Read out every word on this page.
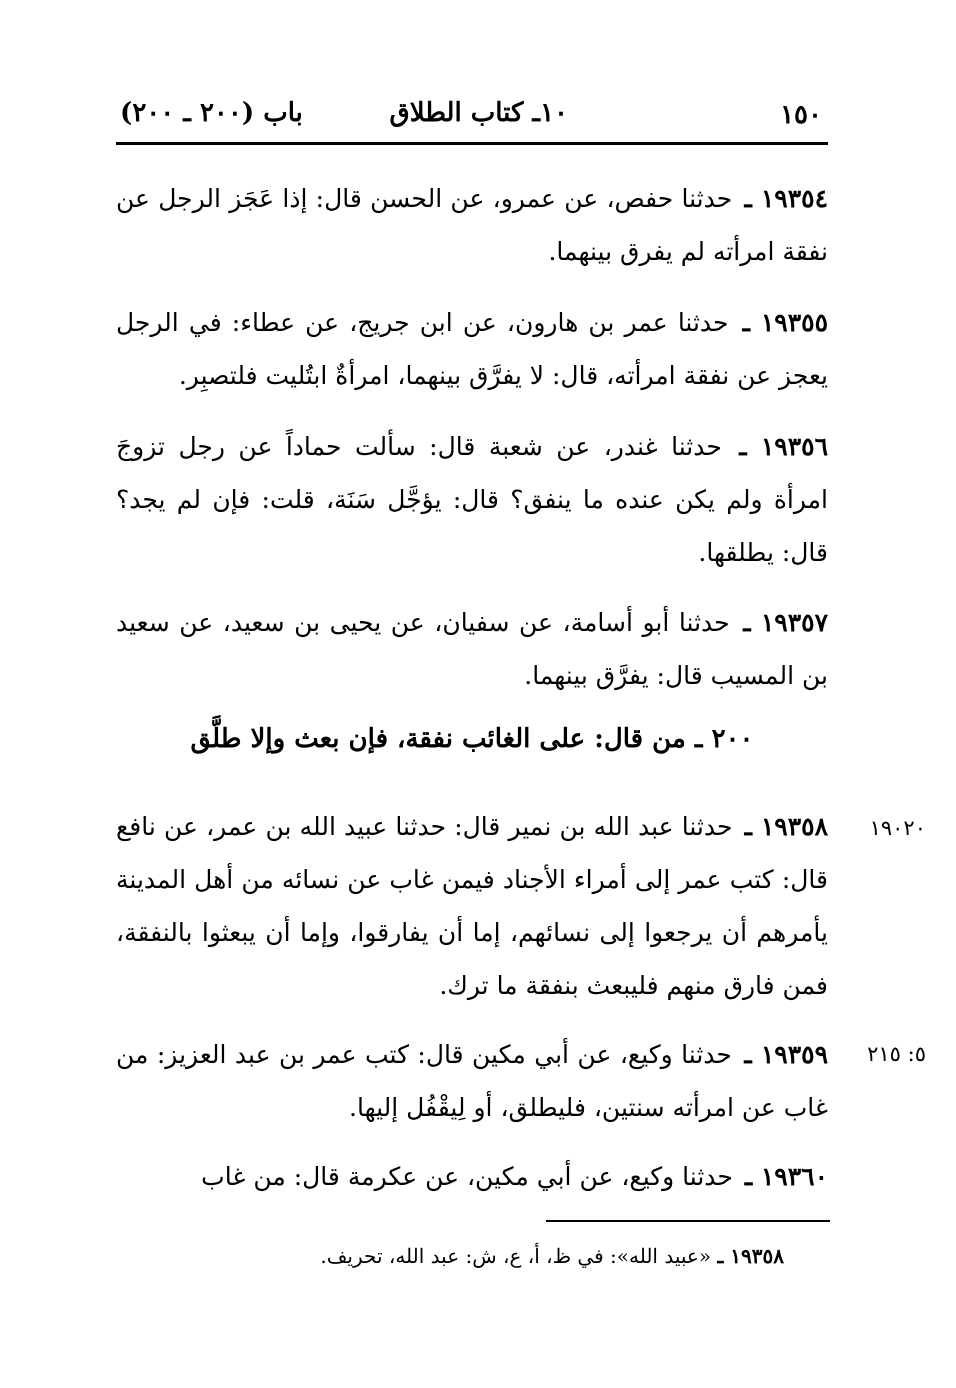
١٥٠
١٠ـ كتاب الطلاق
باب (٢٠٠ ـ ٢٠٠)
١٩٣٥٤ ـ حدثنا حفص، عن عمرو، عن الحسن قال: إذا عَجَز الرجل عن نفقة امرأته لم يفرق بينهما.
١٩٣٥٥ ـ حدثنا عمر بن هارون، عن ابن جريج، عن عطاء: في الرجل يعجز عن نفقة امرأته، قال: لا يفرَّق بينهما، امرأةٌ ابتُليت فلتصبِر.
١٩٣٥٦ ـ حدثنا غندر، عن شعبة قال: سألت حماداً عن رجل تزوجَ امرأة ولم يكن عنده ما ينفق؟ قال: يؤجَّل سَنَة، قلت: فإن لم يجد؟ قال: يطلقها.
١٩٣٥٧ ـ حدثنا أبو أسامة، عن سفيان، عن يحيى بن سعيد، عن سعيد بن المسيب قال: يفرَّق بينهما.
٢٠٠ ـ من قال: على الغائب نفقة، فإن بعث وإلا طلَّق
١٩٣٥٨ ـ حدثنا عبد الله بن نمير قال: حدثنا عبيد الله بن عمر، عن نافع قال: كتب عمر إلى أمراء الأجناد فيمن غاب عن نسائه من أهل المدينة يأمرهم أن يرجعوا إلى نسائهم، إما أن يفارقوا، وإما أن يبعثوا بالنفقة، فمن فارق منهم فليبعث بنفقة ما ترك.
١٩٠٢٠
١٩٣٥٩ ـ حدثنا وكيع، عن أبي مكين قال: كتب عمر بن عبد العزيز: من غاب عن امرأته سنتين، فليطلق، أو لِيقْفُل إليها.
٥: ٢١٥
١٩٣٦٠ ـ حدثنا وكيع، عن أبي مكين، عن عكرمة قال: من غاب
١٩٣٥٨ ـ «عبيد الله»: في ظ، أ، ع، ش: عبد الله، تحريف.
